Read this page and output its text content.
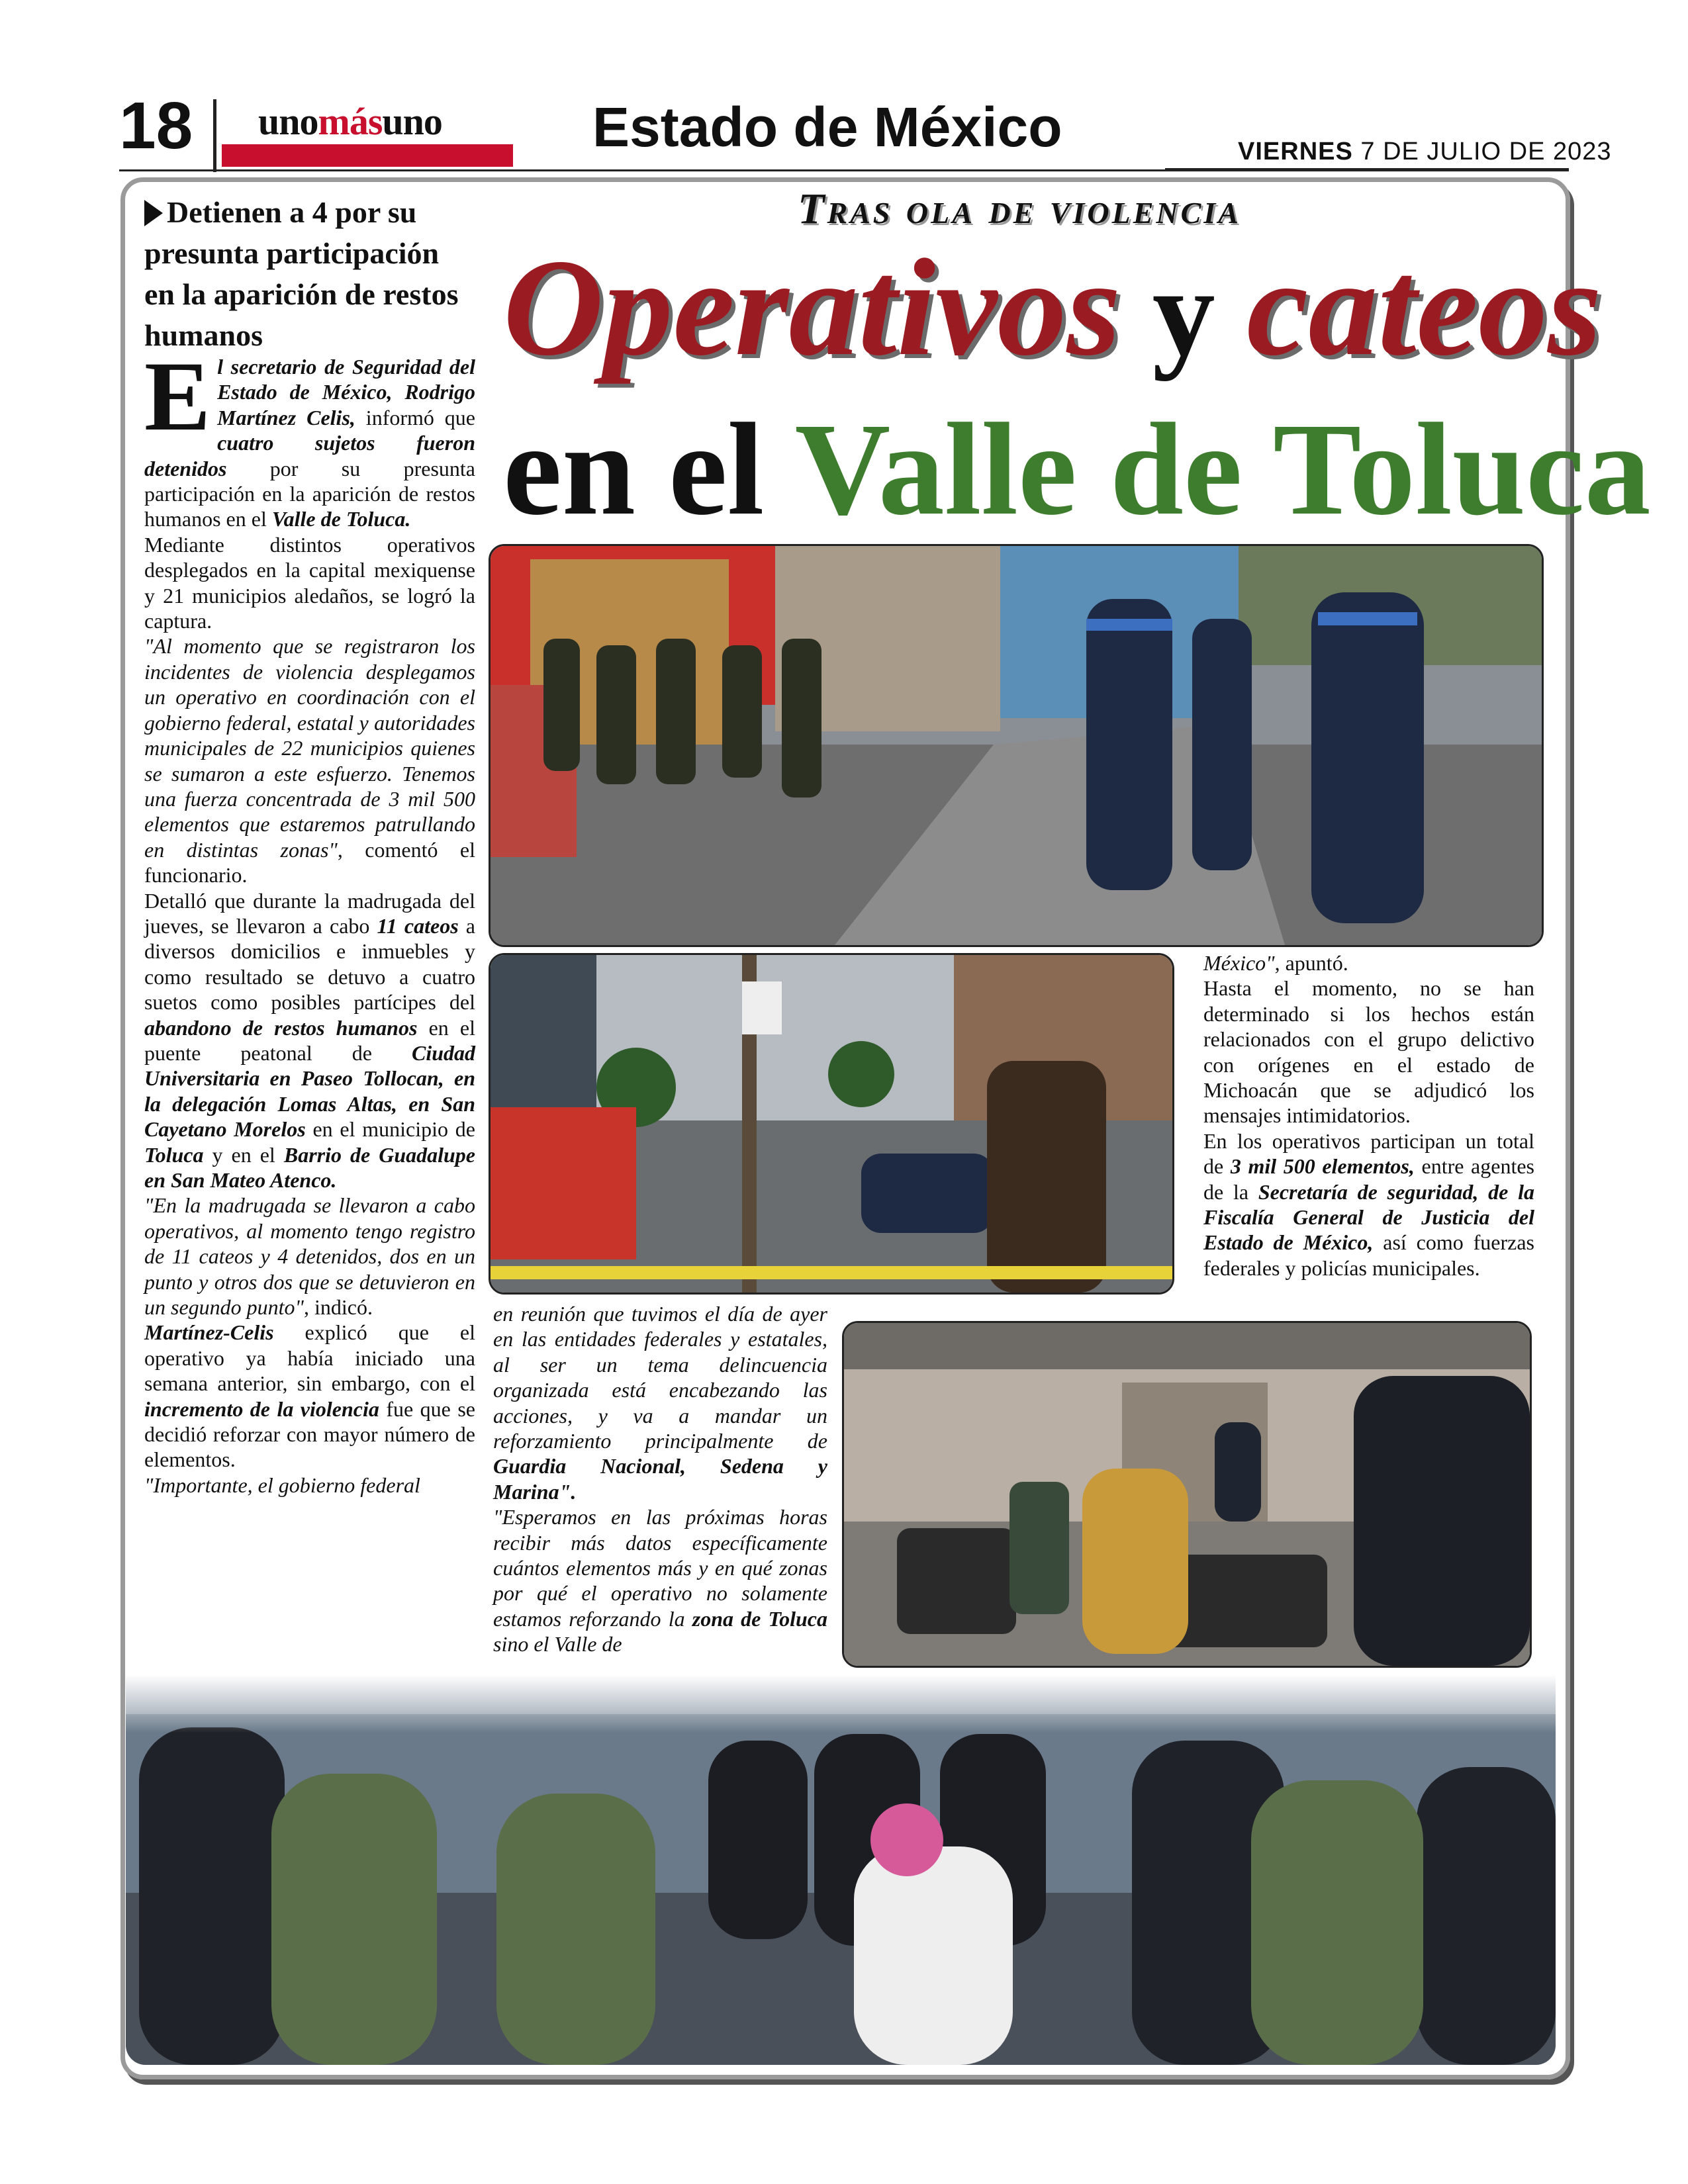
18 unomásuno	Estado de México	VIERNES 7 DE JULIO DE 2023
Detienen a 4 por su presunta participación en la aparición de restos humanos
Tras ola de violencia
Operativos y cateos
en el Valle de Toluca

El secretario de Seguridad del Estado de México, Rodrigo Martínez Celis, informó que cuatro sujetos fueron detenidos por su presunta participación en la aparición de restos humanos en el Valle de Toluca.

Mediante distintos operativos desplegados en la capital mexiquense y 21 municipios aledaños, se logró la captura.

"Al momento que se registraron los incidentes de violencia desplegamos un operativo en coordinación con el gobierno federal, estatal y autoridades municipales de 22 municipios quienes se sumaron a este esfuerzo. Tenemos una fuerza concentrada de 3 mil 500 elementos que estaremos patrullando en distintas zonas", comentó el funcionario.

Detalló que durante la madrugada del jueves, se llevaron a cabo 11 cateos a diversos domicilios e inmuebles y como resultado se detuvo a cuatro suetos como posibles partícipes del abandono de restos humanos en el puente peatonal de Ciudad Universitaria en Paseo Tollocan, en la delegación Lomas Altas, en San Cayetano Morelos en el municipio de Toluca y en el Barrio de Guadalupe en San Mateo Atenco.

"En la madrugada se llevaron a cabo operativos, al momento tengo registro de 11 cateos y 4 detenidos, dos en un punto y otros dos que se detuvieron en un segundo punto", indicó.

Martínez-Celis explicó que el operativo ya había iniciado una semana anterior, sin embargo, con el incremento de la violencia fue que se decidió reforzar con mayor número de elementos.

"Importante, el gobierno federal

en reunión que tuvimos el día de ayer en las entidades federales y estatales, al ser un tema delincuencia organizada está encabezando las acciones, y va a mandar un reforzamiento principalmente de Guardia Nacional, Sedena y Marina".

"Esperamos en las próximas horas recibir más datos específicamente cuántos elementos más y en qué zonas por qué el operativo no solamente estamos reforzando la zona de Toluca sino el Valle de

México", apuntó.

Hasta el momento, no se han determinado si los hechos están relacionados con el grupo delictivo con orígenes en el estado de Michoacán que se adjudicó los mensajes intimidatorios.

En los operativos participan un total de 3 mil 500 elementos, entre agentes de la Secretaría de seguridad, de la Fiscalía General de Justicia del Estado de México, así como fuerzas federales y policías municipales.
